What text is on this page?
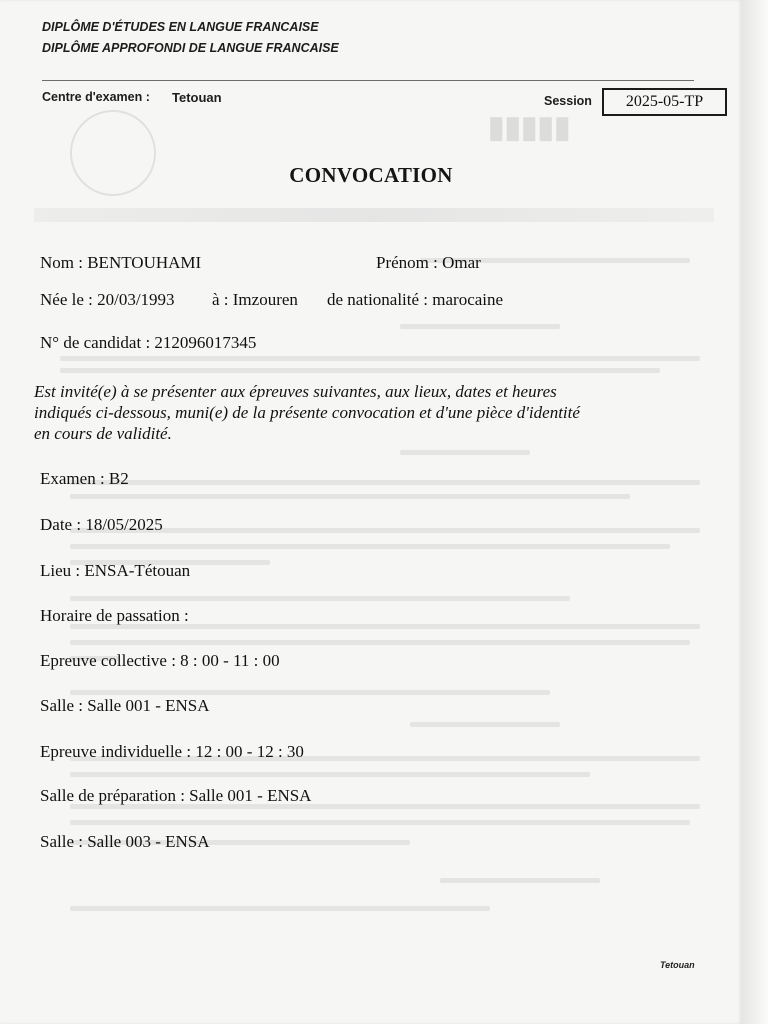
▮▮▮▮▮
DIPLÔME D'ÉTUDES EN LANGUE FRANCAISE
DIPLÔME APPROFONDI DE LANGUE FRANCAISE
Centre d'examen : Tetouan	Session	2025-05-TP
CONVOCATION
Nom : BENTOUHAMI	Prénom : Omar
Née le : 20/03/1993 à : Imzouren de nationalité : marocaine
N° de candidat : 212096017345
Est invité(e) à se présenter aux épreuves suivantes, aux lieux, dates et heures
indiqués ci-dessous, muni(e) de la présente convocation et d'une pièce d'identité
en cours de validité.
Examen : B2
Date : 18/05/2025
Lieu : ENSA-Tétouan
Horaire de passation :
Epreuve collective : 8 : 00 - 11 : 00
Salle : Salle 001 - ENSA
Epreuve individuelle : 12 : 00 - 12 : 30
Salle de préparation : Salle 001 - ENSA
Salle : Salle 003 - ENSA
Tetouan
